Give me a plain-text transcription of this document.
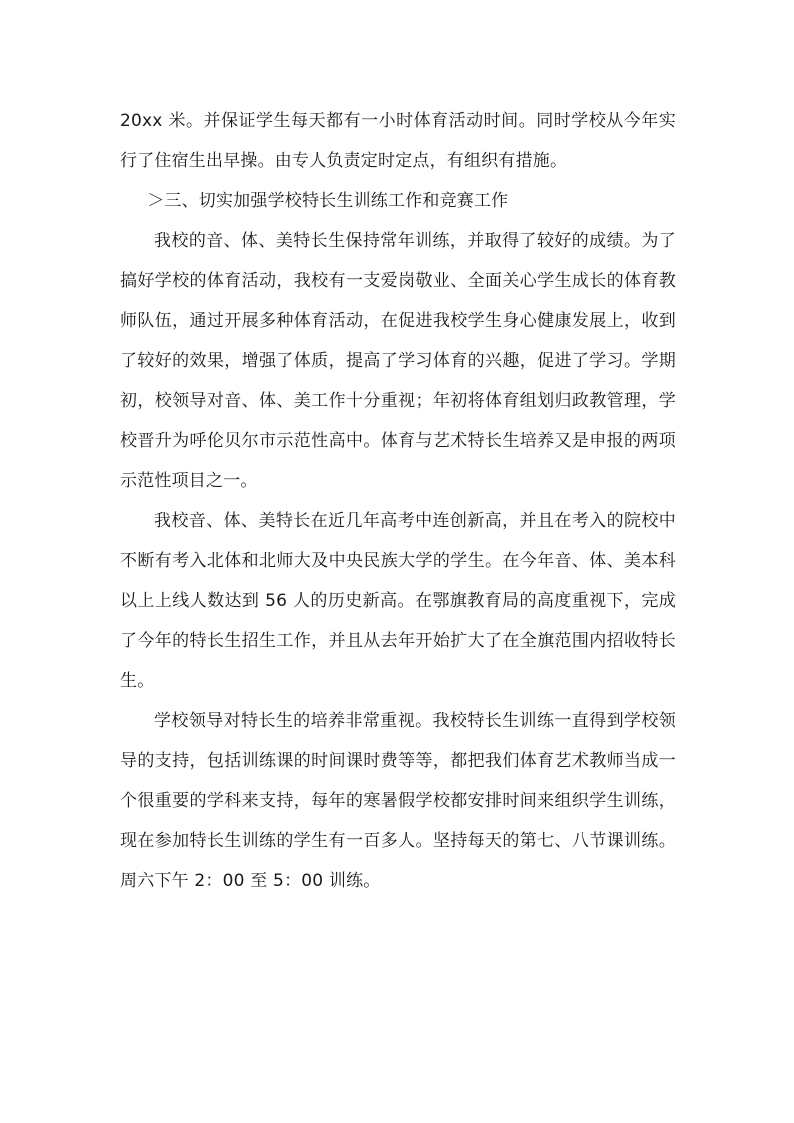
20xx 米。并保证学生每天都有一小时体育活动时间。同时学校从今年实行了住宿生出早操。由专人负责定时定点，有组织有措施。

＞三、切实加强学校特长生训练工作和竞赛工作

我校的音、体、美特长生保持常年训练，并取得了较好的成绩。为了搞好学校的体育活动，我校有一支爱岗敬业、全面关心学生成长的体育教师队伍，通过开展多种体育活动，在促进我校学生身心健康发展上，收到了较好的效果，增强了体质，提高了学习体育的兴趣，促进了学习。学期初，校领导对音、体、美工作十分重视；年初将体育组划归政教管理，学校晋升为呼伦贝尔市示范性高中。体育与艺术特长生培养又是申报的两项示范性项目之一。

我校音、体、美特长在近几年高考中连创新高，并且在考入的院校中不断有考入北体和北师大及中央民族大学的学生。在今年音、体、美本科以上上线人数达到 56 人的历史新高。在鄂旗教育局的高度重视下，完成了今年的特长生招生工作，并且从去年开始扩大了在全旗范围内招收特长生。

学校领导对特长生的培养非常重视。我校特长生训练一直得到学校领导的支持，包括训练课的时间课时费等等，都把我们体育艺术教师当成一个很重要的学科来支持，每年的寒暑假学校都安排时间来组织学生训练，现在参加特长生训练的学生有一百多人。坚持每天的第七、八节课训练。周六下午 2：00 至 5：00 训练。
